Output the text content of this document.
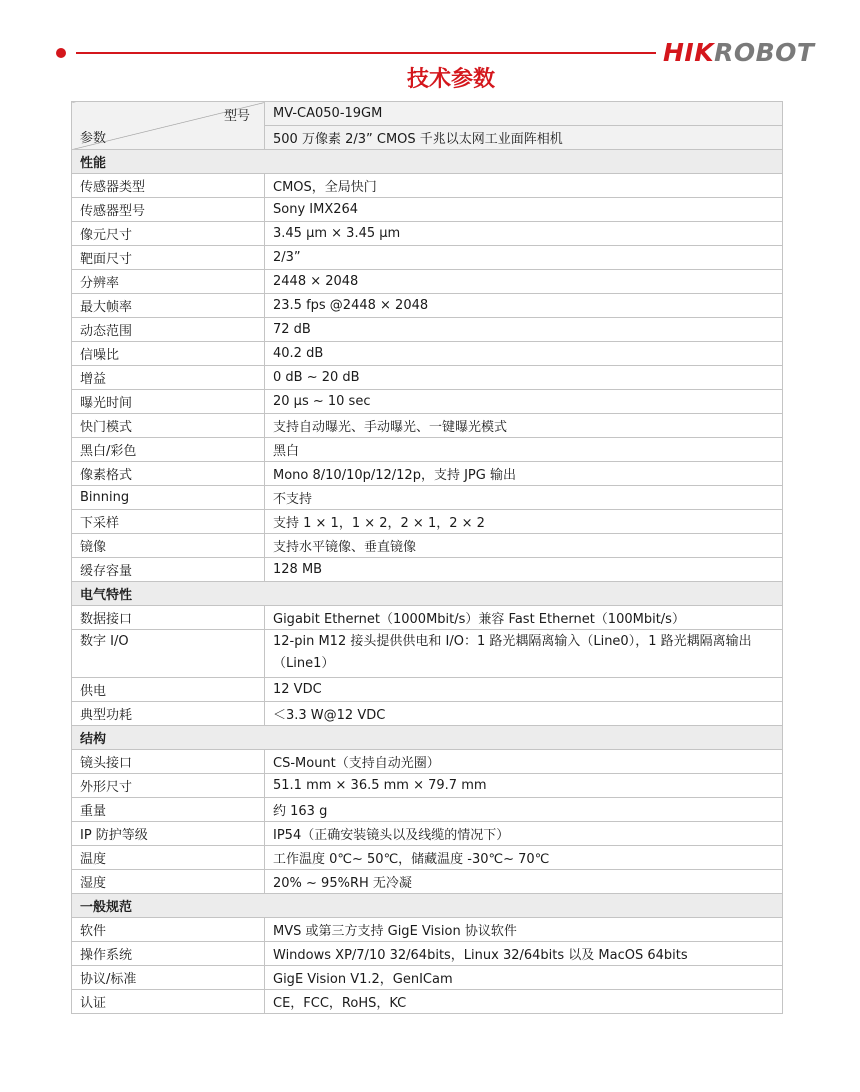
HIKROBOT
技术参数
型号
参数	MV-CA050-19GM
	500 万像素 2/3” CMOS 千兆以太网工业面阵相机
性能	
传感器类型	CMOS，全局快门
传感器型号	Sony IMX264
像元尺寸	3.45 μm × 3.45 μm
靶面尺寸	2/3”
分辨率	2448 × 2048
最大帧率	23.5 fps @2448 × 2048
动态范围	72 dB
信噪比	40.2 dB
增益	0 dB ~ 20 dB
曝光时间	20 μs ~ 10 sec
快门模式	支持自动曝光、手动曝光、一键曝光模式
黑白/彩色	黑白
像素格式	Mono 8/10/10p/12/12p，支持 JPG 输出
Binning	不支持
下采样	支持 1 × 1，1 × 2，2 × 1，2 × 2
镜像	支持水平镜像、垂直镜像
缓存容量	128 MB
电气特性	
数据接口	Gigabit Ethernet（1000Mbit/s）兼容 Fast Ethernet（100Mbit/s）
数字 I/O	12-pin M12 接头提供供电和 I/O：1 路光耦隔离输入（Line0），1 路光耦隔离输出（Line1）
供电	12 VDC
典型功耗	＜3.3 W@12 VDC
结构	
镜头接口	CS-Mount（支持自动光圈）
外形尺寸	51.1 mm × 36.5 mm × 79.7 mm
重量	约 163 g
IP 防护等级	IP54（正确安装镜头以及线缆的情况下）
温度	工作温度 0℃~ 50℃，储藏温度 -30℃~ 70℃
湿度	20% ~ 95%RH 无冷凝
一般规范	
软件	MVS 或第三方支持 GigE Vision 协议软件
操作系统	Windows XP/7/10 32/64bits，Linux 32/64bits 以及 MacOS 64bits
协议/标准	GigE Vision V1.2，GenICam
认证	CE，FCC，RoHS，KC
